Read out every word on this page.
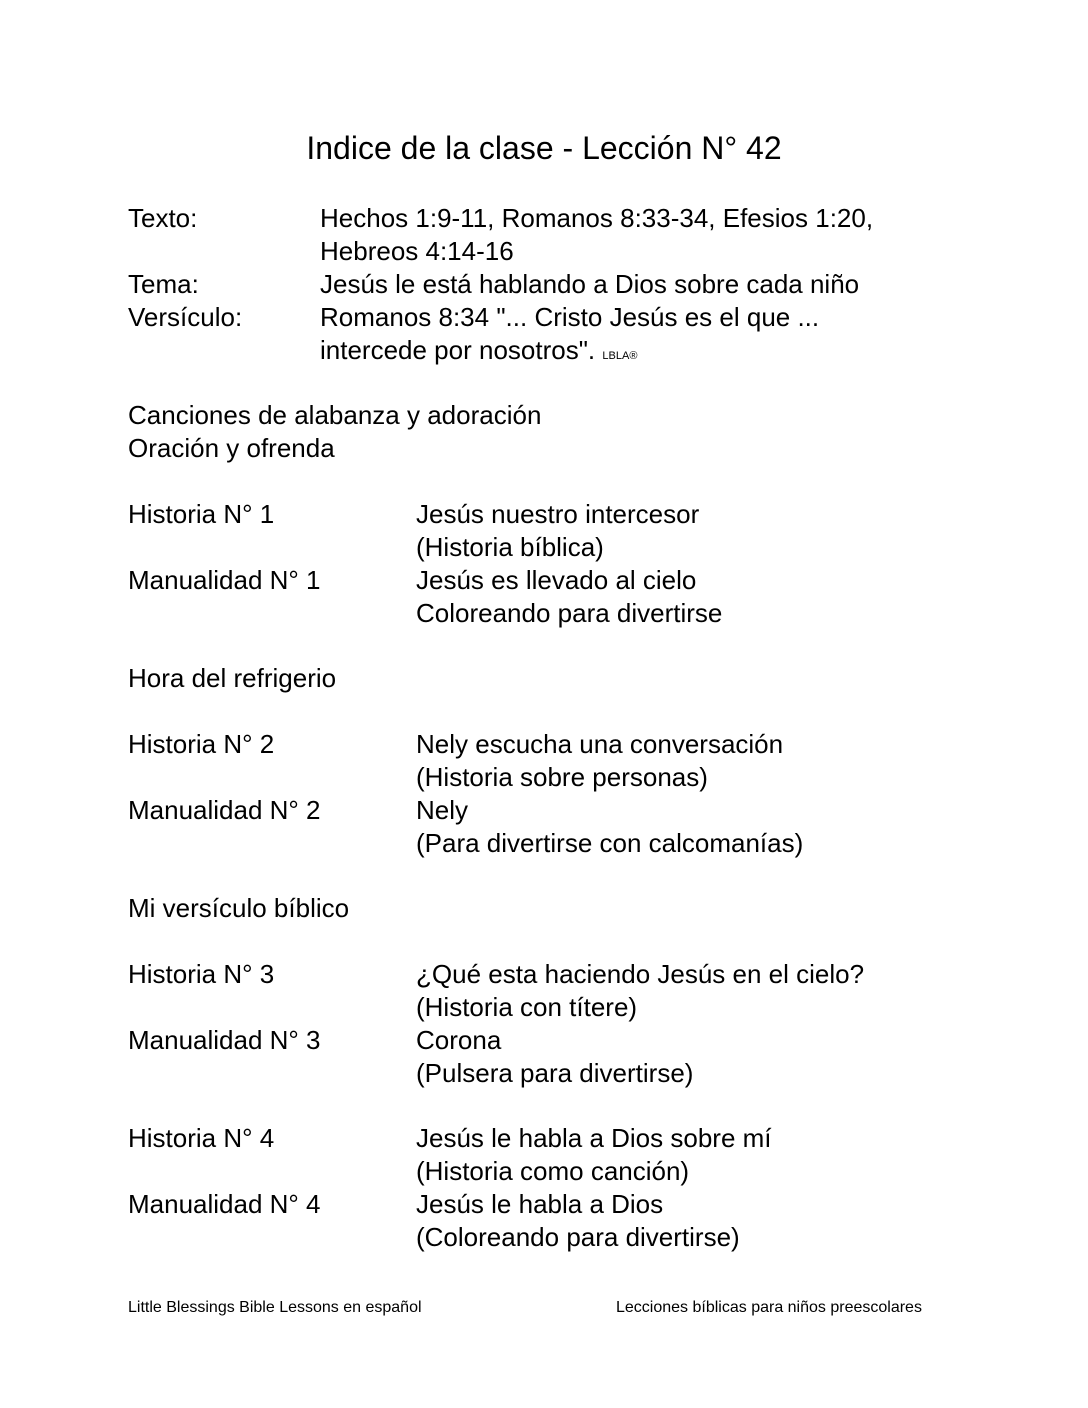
Indice de la clase - Lección N° 42
Texto:	Hechos 1:9-11, Romanos 8:33-34, Efesios 1:20,
Hebreos 4:14-16
Tema:	Jesús le está hablando a Dios sobre cada niño
Versículo:	Romanos 8:34 "... Cristo Jesús es el que ...
intercede por nosotros". LBLA®
Canciones de alabanza y adoración
Oración y ofrenda
Historia N° 1	Jesús nuestro intercesor
(Historia bíblica)
Manualidad N° 1	Jesús es llevado al cielo
Coloreando para divertirse
Hora del refrigerio
Historia N° 2	Nely escucha una conversación
(Historia sobre personas)
Manualidad N° 2	Nely
(Para divertirse con calcomanías)
Mi versículo bíblico
Historia N° 3	¿Qué esta haciendo Jesús en el cielo?
(Historia con títere)
Manualidad N° 3	Corona
(Pulsera para divertirse)
Historia N° 4	Jesús le habla a Dios sobre mí
(Historia como canción)
Manualidad N° 4	Jesús le habla a Dios
(Coloreando para divertirse)
Little Blessings Bible Lessons en español	Lecciones bíblicas para niños preescolares
